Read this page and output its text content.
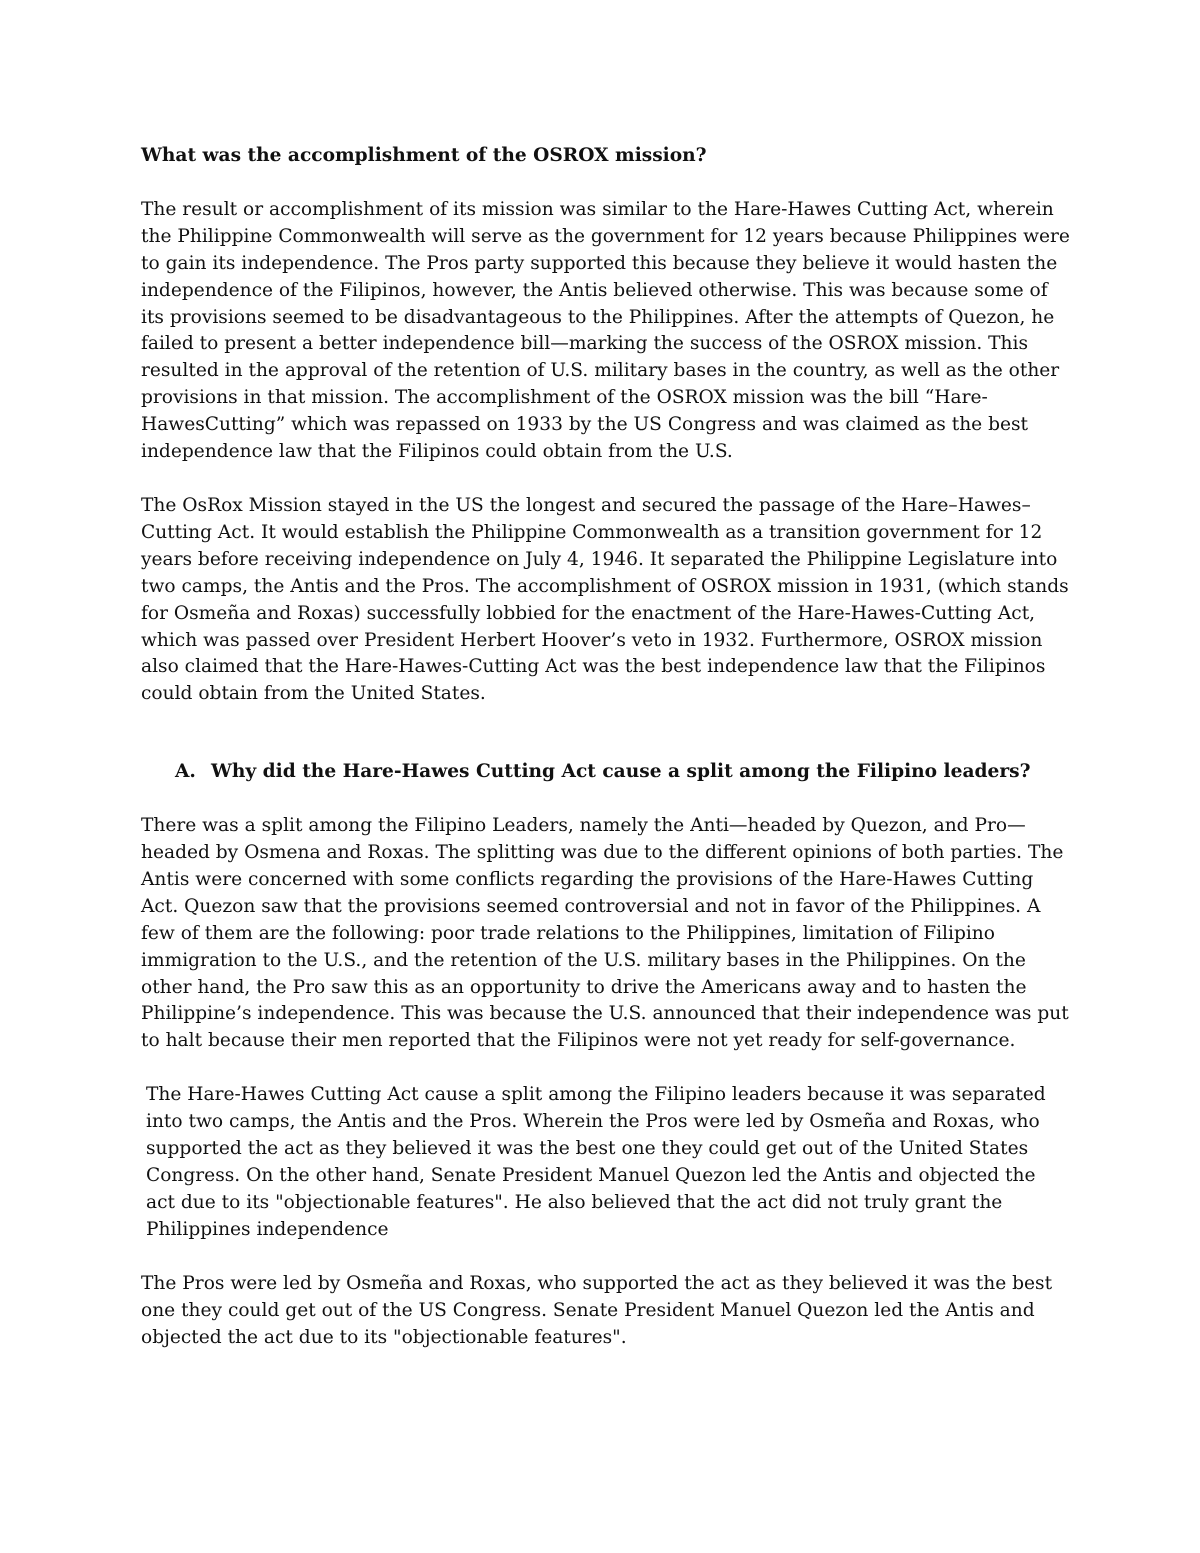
What was the accomplishment of the OSROX mission?
The result or accomplishment of its mission was similar to the Hare-Hawes Cutting Act, wherein the Philippine Commonwealth will serve as the government for 12 years because Philippines were to gain its independence. The Pros party supported this because they believe it would hasten the independence of the Filipinos, however, the Antis believed otherwise. This was because some of its provisions seemed to be disadvantageous to the Philippines. After the attempts of Quezon, he failed to present a better independence bill—marking the success of the OSROX mission. This resulted in the approval of the retention of U.S. military bases in the country, as well as the other provisions in that mission. The accomplishment of the OSROX mission was the bill “Hare-HawesCutting” which was repassed on 1933 by the US Congress and was claimed as the best independence law that the Filipinos could obtain from the U.S.
The OsRox Mission stayed in the US the longest and secured the passage of the Hare–Hawes–Cutting Act. It would establish the Philippine Commonwealth as a transition government for 12 years before receiving independence on July 4, 1946. It separated the Philippine Legislature into two camps, the Antis and the Pros. The accomplishment of OSROX mission in 1931, (which stands for Osmeña and Roxas) successfully lobbied for the enactment of the Hare-Hawes-Cutting Act, which was passed over President Herbert Hoover’s veto in 1932. Furthermore, OSROX mission also claimed that the Hare-Hawes-Cutting Act was the best independence law that the Filipinos could obtain from the United States.
A. Why did the Hare-Hawes Cutting Act cause a split among the Filipino leaders?
There was a split among the Filipino Leaders, namely the Anti—headed by Quezon, and Pro—headed by Osmena and Roxas. The splitting was due to the different opinions of both parties. The Antis were concerned with some conflicts regarding the provisions of the Hare-Hawes Cutting Act. Quezon saw that the provisions seemed controversial and not in favor of the Philippines. A few of them are the following: poor trade relations to the Philippines, limitation of Filipino immigration to the U.S., and the retention of the U.S. military bases in the Philippines. On the other hand, the Pro saw this as an opportunity to drive the Americans away and to hasten the Philippine’s independence. This was because the U.S. announced that their independence was put to halt because their men reported that the Filipinos were not yet ready for self-governance.
The Hare-Hawes Cutting Act cause a split among the Filipino leaders because it was separated into two camps, the Antis and the Pros. Wherein the Pros were led by Osmeña and Roxas, who supported the act as they believed it was the best one they could get out of the United States Congress. On the other hand, Senate President Manuel Quezon led the Antis and objected the act due to its "objectionable features". He also believed that the act did not truly grant the Philippines independence
The Pros were led by Osmeña and Roxas, who supported the act as they believed it was the best one they could get out of the US Congress. Senate President Manuel Quezon led the Antis and objected the act due to its "objectionable features".
